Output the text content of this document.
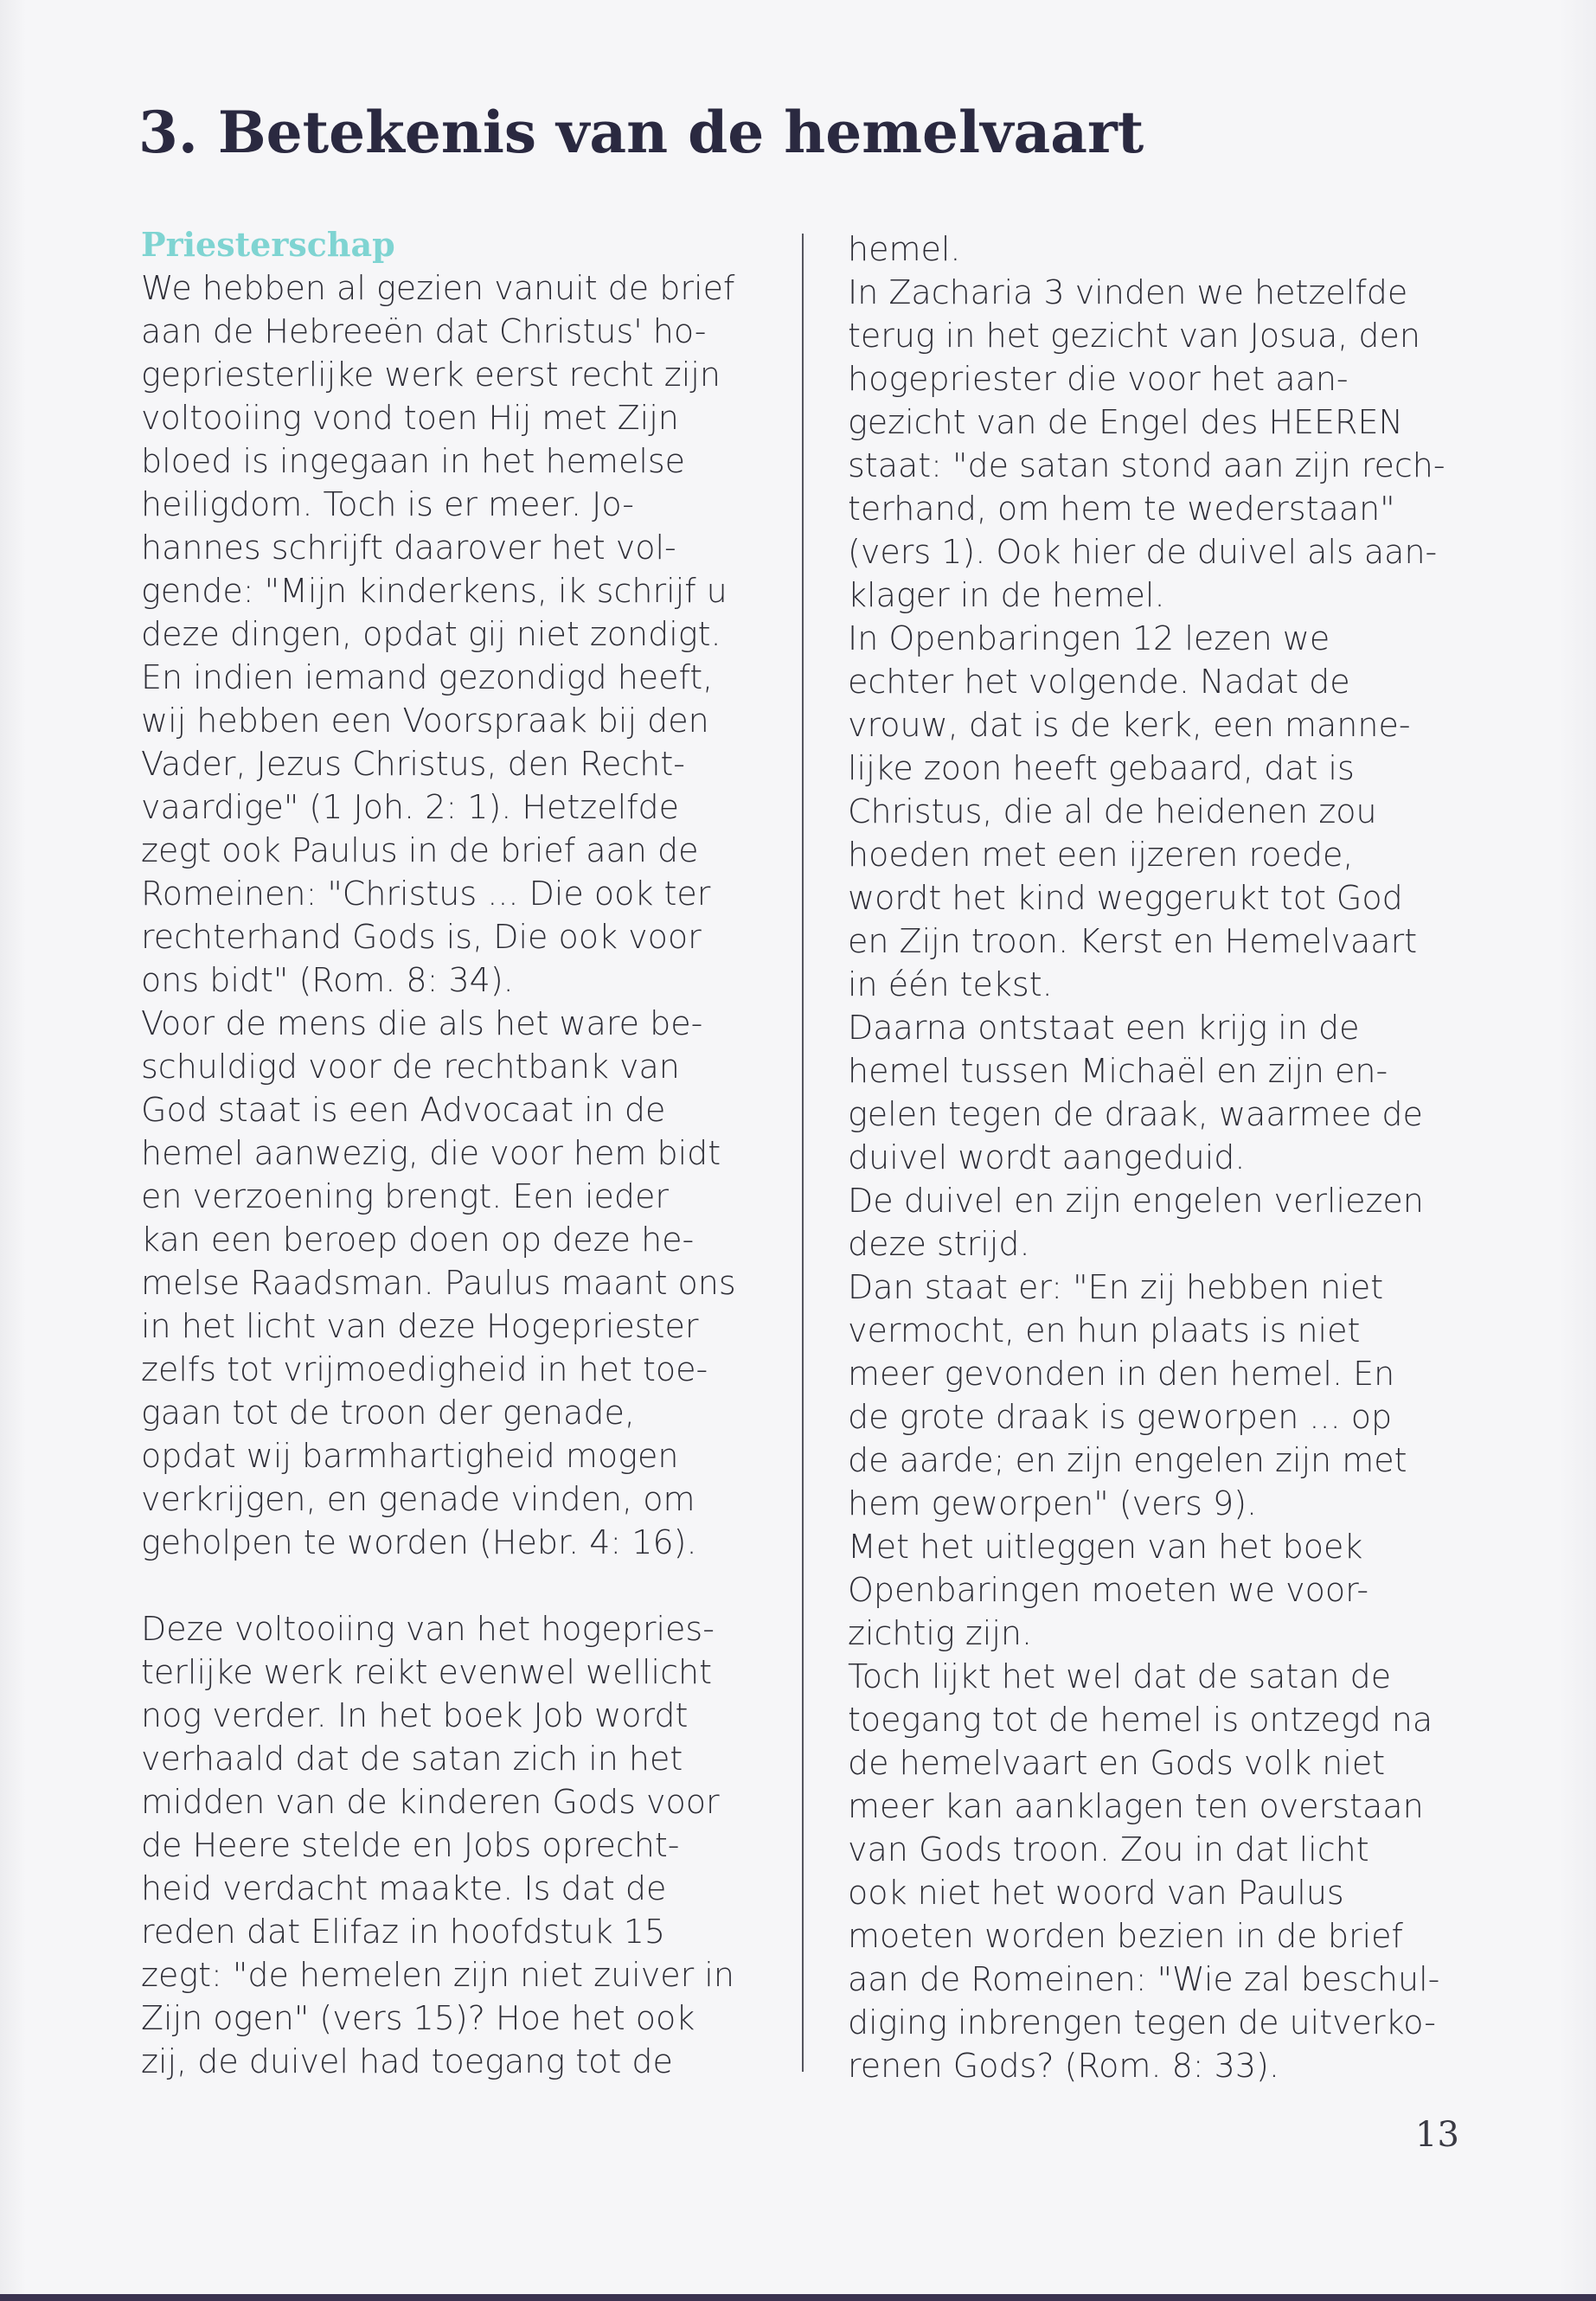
3. Betekenis van de hemelvaart
Priesterschap

We hebben al gezien vanuit de brief
aan de Hebreeën dat Christus' ho-
gepriesterlijke werk eerst recht zijn
voltooiing vond toen Hij met Zijn
bloed is ingegaan in het hemelse
heiligdom. Toch is er meer. Jo-
hannes schrijft daarover het vol-
gende: "Mijn kinderkens, ik schrijf u
deze dingen, opdat gij niet zondigt.
En indien iemand gezondigd heeft,
wij hebben een Voorspraak bij den
Vader, Jezus Christus, den Recht-
vaardige" (1 Joh. 2: 1). Hetzelfde
zegt ook Paulus in de brief aan de
Romeinen: "Christus ... Die ook ter
rechterhand Gods is, Die ook voor
ons bidt" (Rom. 8: 34).

Voor de mens die als het ware be-
schuldigd voor de rechtbank van
God staat is een Advocaat in de
hemel aanwezig, die voor hem bidt
en verzoening brengt. Een ieder
kan een beroep doen op deze he-
melse Raadsman. Paulus maant ons
in het licht van deze Hogepriester
zelfs tot vrijmoedigheid in het toe-
gaan tot de troon der genade,
opdat wij barmhartigheid mogen
verkrijgen, en genade vinden, om
geholpen te worden (Hebr. 4: 16).

Deze voltooiing van het hogepries-
terlijke werk reikt evenwel wellicht
nog verder. In het boek Job wordt
verhaald dat de satan zich in het
midden van de kinderen Gods voor
de Heere stelde en Jobs oprecht-
heid verdacht maakte. Is dat de
reden dat Elifaz in hoofdstuk 15
zegt: "de hemelen zijn niet zuiver in
Zijn ogen" (vers 15)? Hoe het ook
zij, de duivel had toegang tot de

hemel.

In Zacharia 3 vinden we hetzelfde
terug in het gezicht van Josua, den
hogepriester die voor het aan-
gezicht van de Engel des HEEREN
staat: "de satan stond aan zijn rech-
terhand, om hem te wederstaan"
(vers 1). Ook hier de duivel als aan-
klager in de hemel.

In Openbaringen 12 lezen we
echter het volgende. Nadat de
vrouw, dat is de kerk, een manne-
lijke zoon heeft gebaard, dat is
Christus, die al de heidenen zou
hoeden met een ijzeren roede,
wordt het kind weggerukt tot God
en Zijn troon. Kerst en Hemelvaart
in één tekst.

Daarna ontstaat een krijg in de
hemel tussen Michaël en zijn en-
gelen tegen de draak, waarmee de
duivel wordt aangeduid.

De duivel en zijn engelen verliezen
deze strijd.

Dan staat er: "En zij hebben niet
vermocht, en hun plaats is niet
meer gevonden in den hemel. En
de grote draak is geworpen ... op
de aarde; en zijn engelen zijn met
hem geworpen" (vers 9).

Met het uitleggen van het boek
Openbaringen moeten we voor-
zichtig zijn.

Toch lijkt het wel dat de satan de
toegang tot de hemel is ontzegd na
de hemelvaart en Gods volk niet
meer kan aanklagen ten overstaan
van Gods troon. Zou in dat licht
ook niet het woord van Paulus
moeten worden bezien in de brief
aan de Romeinen: "Wie zal beschul-
diging inbrengen tegen de uitverko-
renen Gods? (Rom. 8: 33).

13
